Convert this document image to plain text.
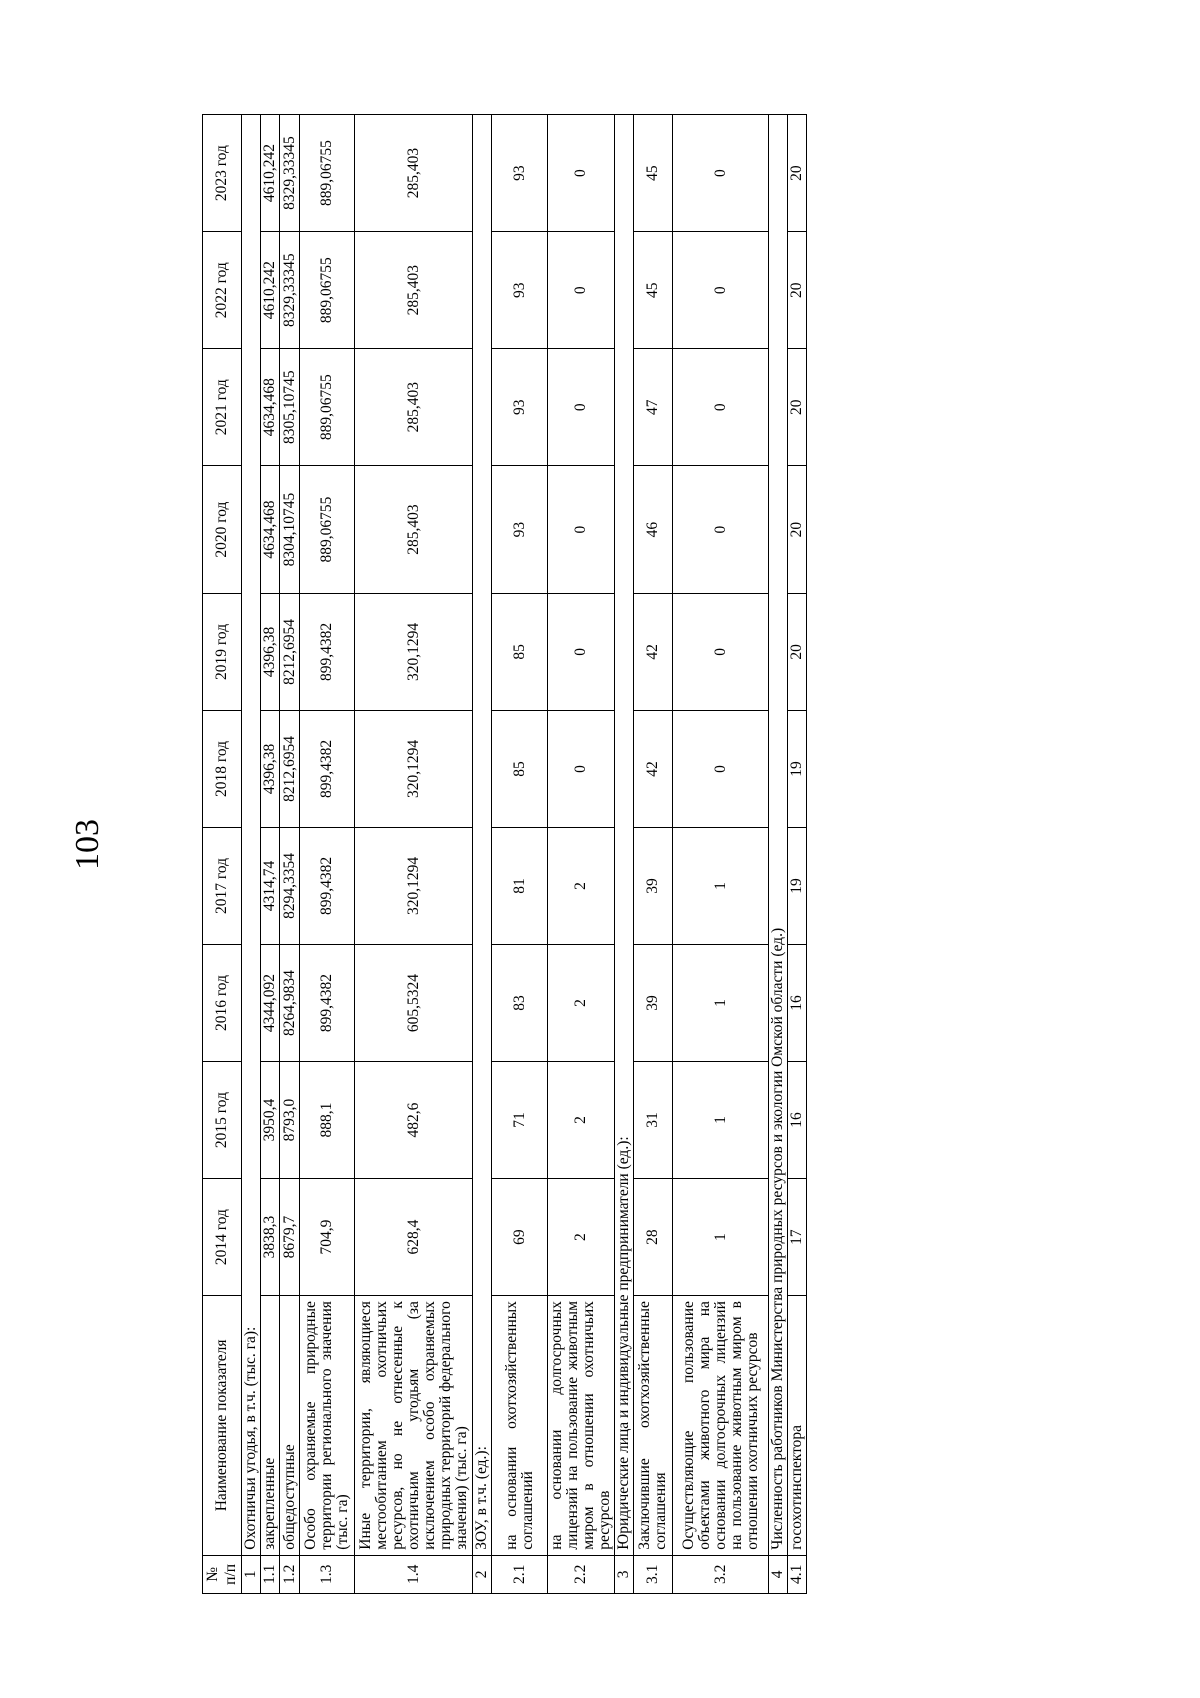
103
№ п/п	Наименование показателя	2014 год	2015 год	2016 год	2017 год	2018 год	2019 год	2020 год	2021 год	2022 год	2023 год
1	Охотничьи угодья, в т.ч. (тыс. га):										
1.1	закрепленные	3838,3	3950,4	4344,092	4314,74	4396,38	4396,38	4634,468	4634,468	4610,242	4610,242
1.2	общедоступные	8679,7	8793,0	8264,9834	8294,3354	8212,6954	8212,6954	8304,10745	8305,10745	8329,33345	8329,33345
1.3	Особо охраняемые природные территории регионального значения (тыс. га)	704,9	888,1	899,4382	899,4382	899,4382	899,4382	889,06755	889,06755	889,06755	889,06755
1.4	Иные территории, являющиеся местообитанием охотничьих ресурсов, но не отнесенные к охотничьим угодьям (за исключением особо охраняемых природных территорий федерального значения) (тыс. га)	628,4	482,6	605,5324	320,1294	320,1294	320,1294	285,403	285,403	285,403	285,403
2	ЗОУ, в т.ч. (ед.):										
2.1	на основании охотхозяйственных соглашений	69	71	83	81	85	85	93	93	93	93
2.2	на основании долгосрочных лицензий на пользование животным миром в отношении охотничьих ресурсов	2	2	2	2	0	0	0	0	0	0
3	Юридические лица и индивидуальные предприниматели (ед.):										
3.1	Заключившие охотхозяйственные соглашения	28	31	39	39	42	42	46	47	45	45
3.2	Осуществляющие пользование объектами животного мира на основании долгосрочных лицензий на пользование животным миром в отношении охотничьих ресурсов	1	1	1	1	0	0	0	0	0	0
4	Численность работников Министерства природных ресурсов и экологии Омской области (ед.)										
4.1	госохотинспектора	17	16	16	19	19	20	20	20	20	20
